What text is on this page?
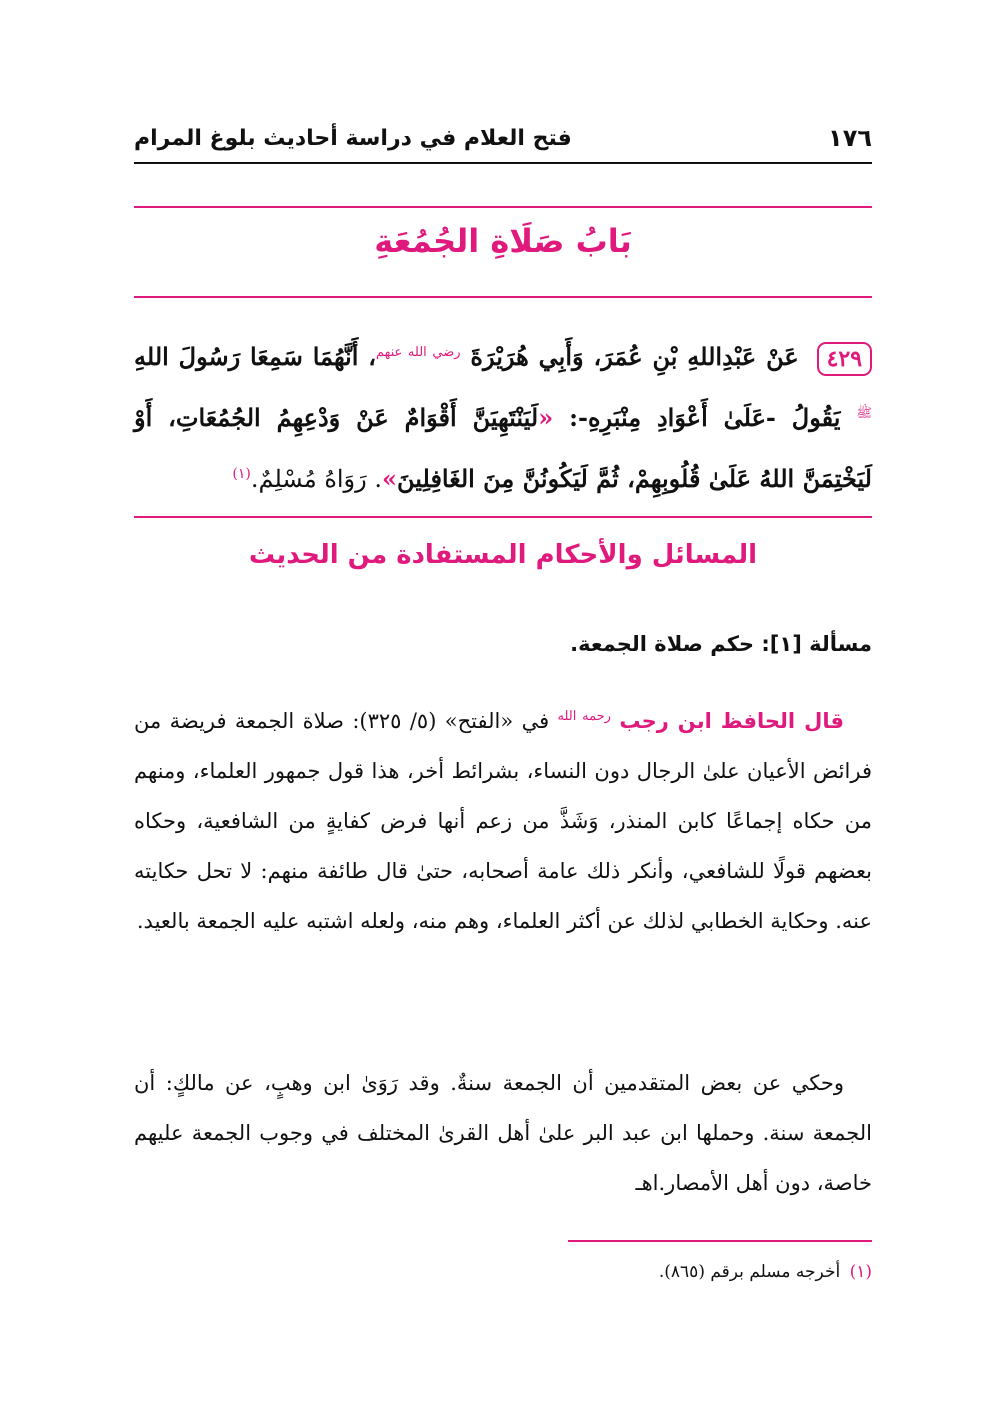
١٧٦
فتح العلام في دراسة أحاديث بلوغ المرام
بَابُ صَلَاةِ الجُمُعَةِ
٤٢٩ عَنْ عَبْدِاللهِ بْنِ عُمَرَ، وَأَبِي هُرَيْرَةَ $^{رضي الله عنهم}$، أَنَّهُمَا سَمِعَا رَسُولَ اللهِ $^ﷺ$ يَقُولُ -عَلَىٰ أَعْوَادِ مِنْبَرِهِ-: «لَيَنْتَهِيَنَّ أَقْوَامٌ عَنْ وَدْعِهِمُ الجُمُعَاتِ، أَوْ لَيَخْتِمَنَّ اللهُ عَلَىٰ قُلُوبِهِمْ، ثُمَّ لَيَكُونُنَّ مِنَ الغَافِلِينَ». رَوَاهُ مُسْلِمٌ.$^{(١)}$
المسائل والأحكام المستفادة من الحديث
مسألة [١]: حكم صلاة الجمعة.

قال الحافظ ابن رجب $^{رحمه الله}$ في «الفتح» (٥/ ٣٢٥): صلاة الجمعة فريضة من فرائض الأعيان علىٰ الرجال دون النساء، بشرائط أخر، هذا قول جمهور العلماء، ومنهم من حكاه إجماعًا كابن المنذر، وَشَذَّ من زعم أنها فرض كفايةٍ من الشافعية، وحكاه بعضهم قولًا للشافعي، وأنكر ذلك عامة أصحابه، حتىٰ قال طائفة منهم: لا تحل حكايته عنه. وحكاية الخطابي لذلك عن أكثر العلماء، وهم منه، ولعله اشتبه عليه الجمعة بالعيد.

وحكي عن بعض المتقدمين أن الجمعة سنةٌ. وقد رَوَىٰ ابن وهبٍ، عن مالكٍ: أن الجمعة سنة. وحملها ابن عبد البر علىٰ أهل القرىٰ المختلف في وجوب الجمعة عليهم خاصة، دون أهل الأمصار.اهـ

(١) أخرجه مسلم برقم (٨٦٥).
